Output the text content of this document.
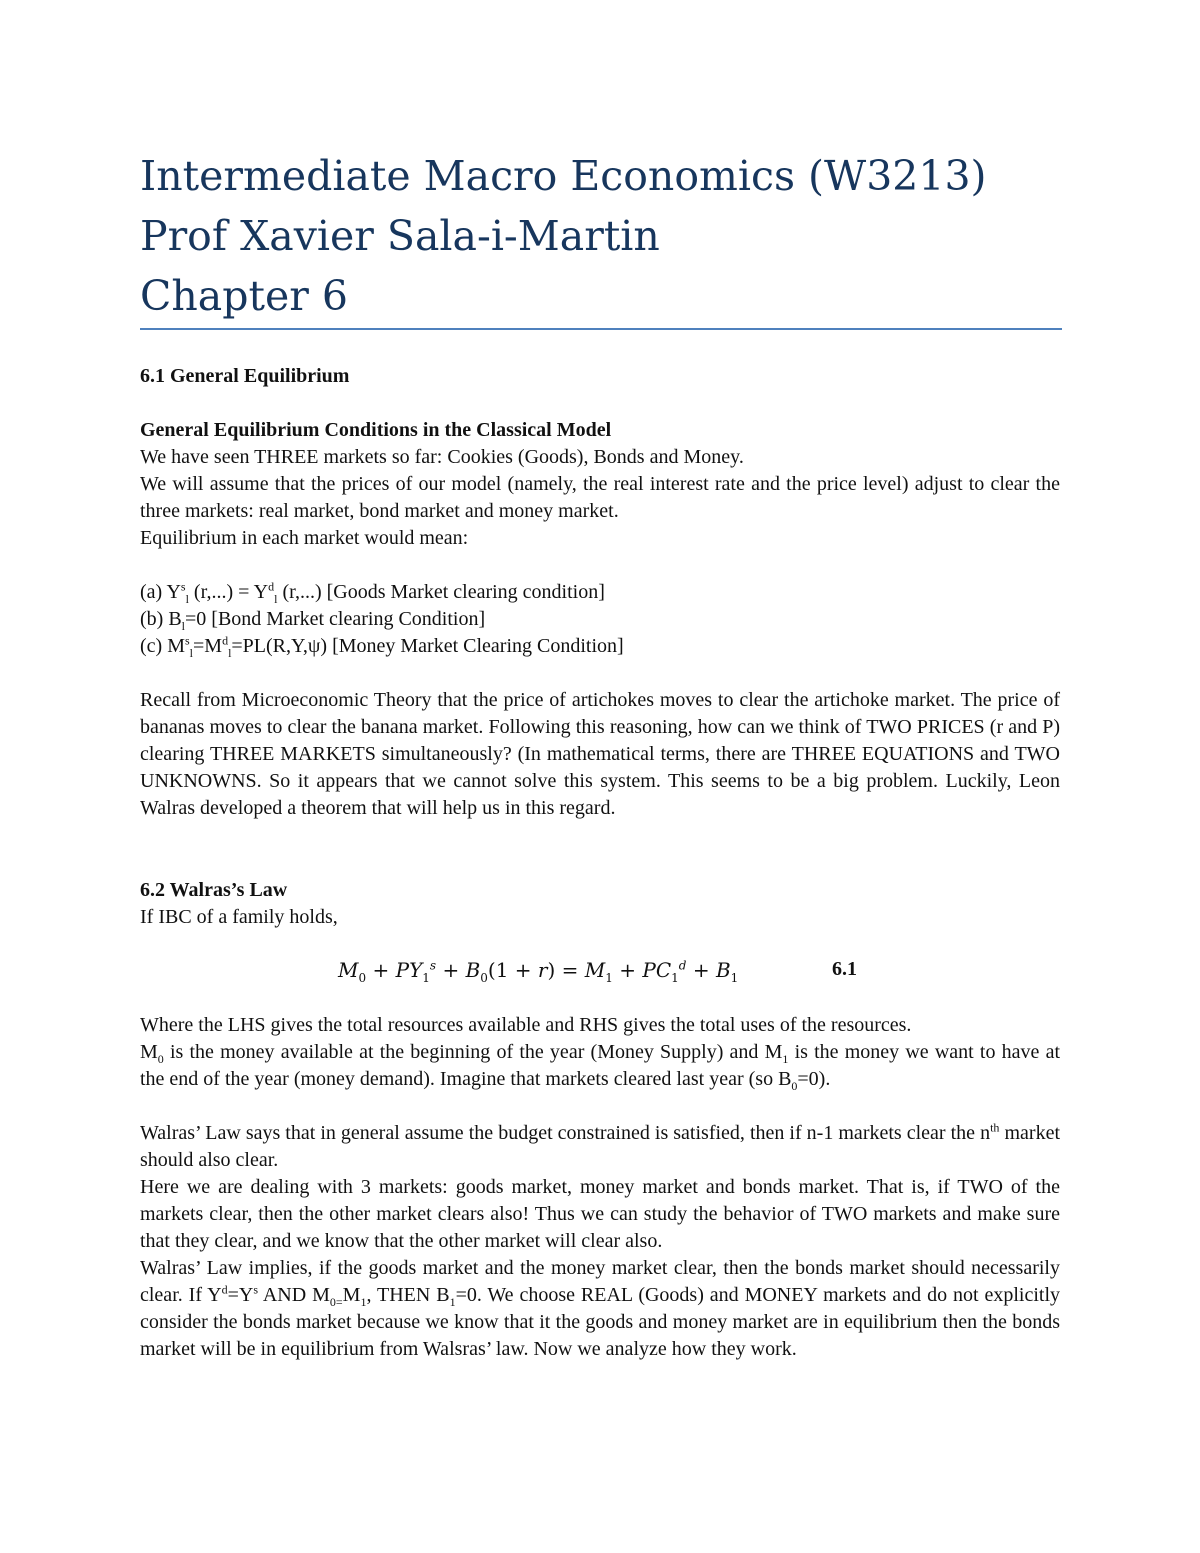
Intermediate Macro Economics (W3213)
Prof Xavier Sala-i-Martin
Chapter 6

6.1 General Equilibrium

General Equilibrium Conditions in the Classical Model

We have seen THREE markets so far: Cookies (Goods), Bonds and Money.

We will assume that the prices of our model (namely, the real interest rate and the price level) adjust to clear the three markets: real market, bond market and money market.

Equilibrium in each market would mean:

(a) $Y^s_l$ $(r,...) = Y^d_l$ (r,...) [Goods Market clearing condition]

(b) $B_l=0$ [Bond Market clearing Condition]

(c) $M^s_l=M^d_l=PL(R,Y,\psi)$ [Money Market Clearing Condition]

Recall from Microeconomic Theory that the price of artichokes moves to clear the artichoke market. The price of bananas moves to clear the banana market. Following this reasoning, how can we think of TWO PRICES (r and P) clearing THREE MARKETS simultaneously? (In mathematical terms, there are THREE EQUATIONS and TWO UNKNOWNS. So it appears that we cannot solve this system. This seems to be a big problem. Luckily, Leon Walras developed a theorem that will help us in this regard.

6.2 Walras’s Law

If IBC of a family holds,

$M_0 + PY_1^s + B_0(1 + r) = M_1 + PC_1^d + B_1$	6.1

Where the LHS gives the total resources available and RHS gives the total uses of the resources.

$M_0$ is the money available at the beginning of the year (Money Supply) and $M_1$ is the money we want to have at the end of the year (money demand). Imagine that markets cleared last year (so $B_0=0$).

Walras’ Law says that in general assume the budget constrained is satisfied, then if n-1 markets clear the $n^{th}$ market should also clear.

Here we are dealing with 3 markets: goods market, money market and bonds market. That is, if TWO of the markets clear, then the other market clears also! Thus we can study the behavior of TWO markets and make sure that they clear, and we know that the other market will clear also.

Walras’ Law implies, if the goods market and the money market clear, then the bonds market should necessarily clear. If $Y^d=Y^s$ AND $M_{0=}M_1$, THEN $B_1=0$. We choose REAL (Goods) and MONEY markets and do not explicitly consider the bonds market because we know that it the goods and money market are in equilibrium then the bonds market will be in equilibrium from Walsras’ law. Now we analyze how they work.
